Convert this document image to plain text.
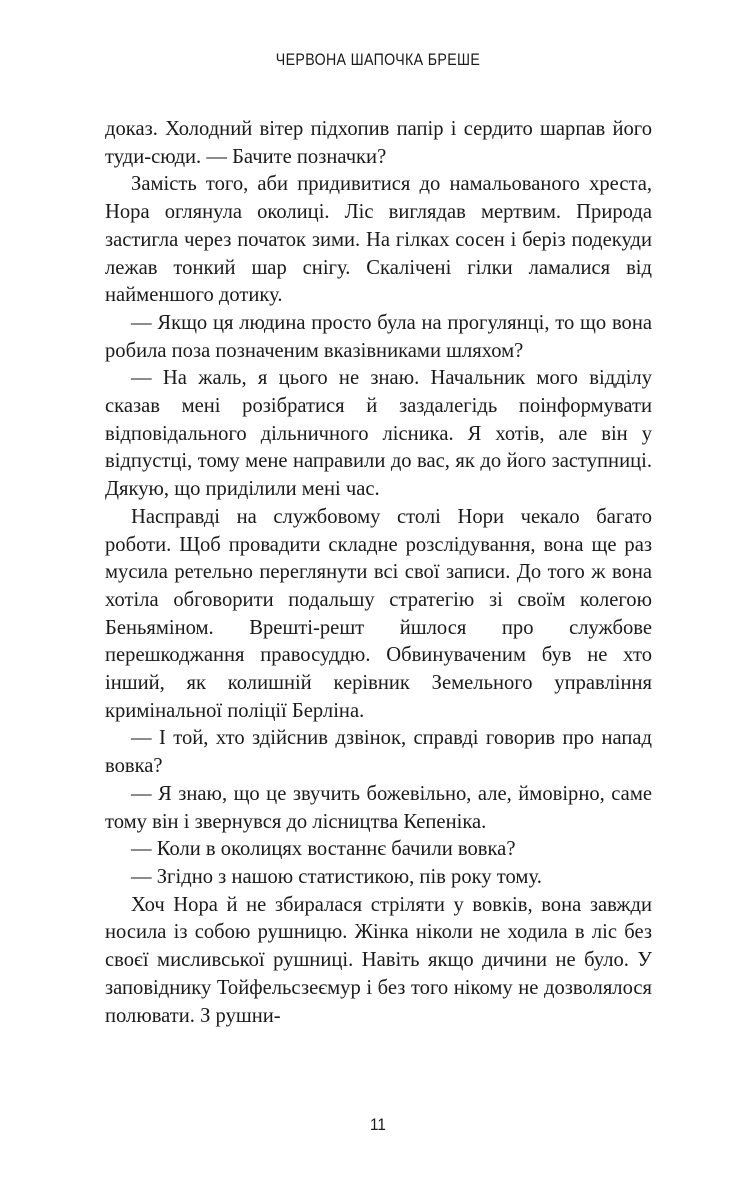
ЧЕРВОНА ШАПОЧКА БРЕШЕ

доказ. Холодний вітер підхопив папір і сердито шарпав його туди-сюди. — Бачите позначки?

Замість того, аби придивитися до намальованого хреста, Нора оглянула околиці. Ліс виглядав мертвим. Природа застигла через початок зими. На гілках сосен і беріз подекуди лежав тонкий шар снігу. Скалічені гілки ламалися від найменшого дотику.

— Якщо ця людина просто була на прогулянці, то що вона робила поза позначеним вказівниками шляхом?

— На жаль, я цього не знаю. Начальник мого відділу сказав мені розібратися й заздалегідь поінформувати відповідального дільничного лісника. Я хотів, але він у відпустці, тому мене направили до вас, як до його заступниці. Дякую, що приділили мені час.

Насправді на службовому столі Нори чекало багато роботи. Щоб провадити складне розслідування, вона ще раз мусила ретельно переглянути всі свої записи. До того ж вона хотіла обговорити подальшу стратегію зі своїм колегою Беньяміном. Врешті-решт йшлося про службове перешкоджання правосуддю. Обвинуваченим був не хто інший, як колишній керівник Земельного управління кримінальної поліції Берліна.

— І той, хто здійснив дзвінок, справді говорив про напад вовка?

— Я знаю, що це звучить божевільно, але, ймовірно, саме тому він і звернувся до лісництва Кепеніка.

— Коли в околицях востаннє бачили вовка?

— Згідно з нашою статистикою, пів року тому.

Хоч Нора й не збиралася стріляти у вовків, вона завжди носила із собою рушницю. Жінка ніколи не ходила в ліс без своєї мисливської рушниці. Навіть якщо дичини не було. У заповіднику Тойфельсзеємур і без того нікому не дозволялося полювати. З рушни-

11
